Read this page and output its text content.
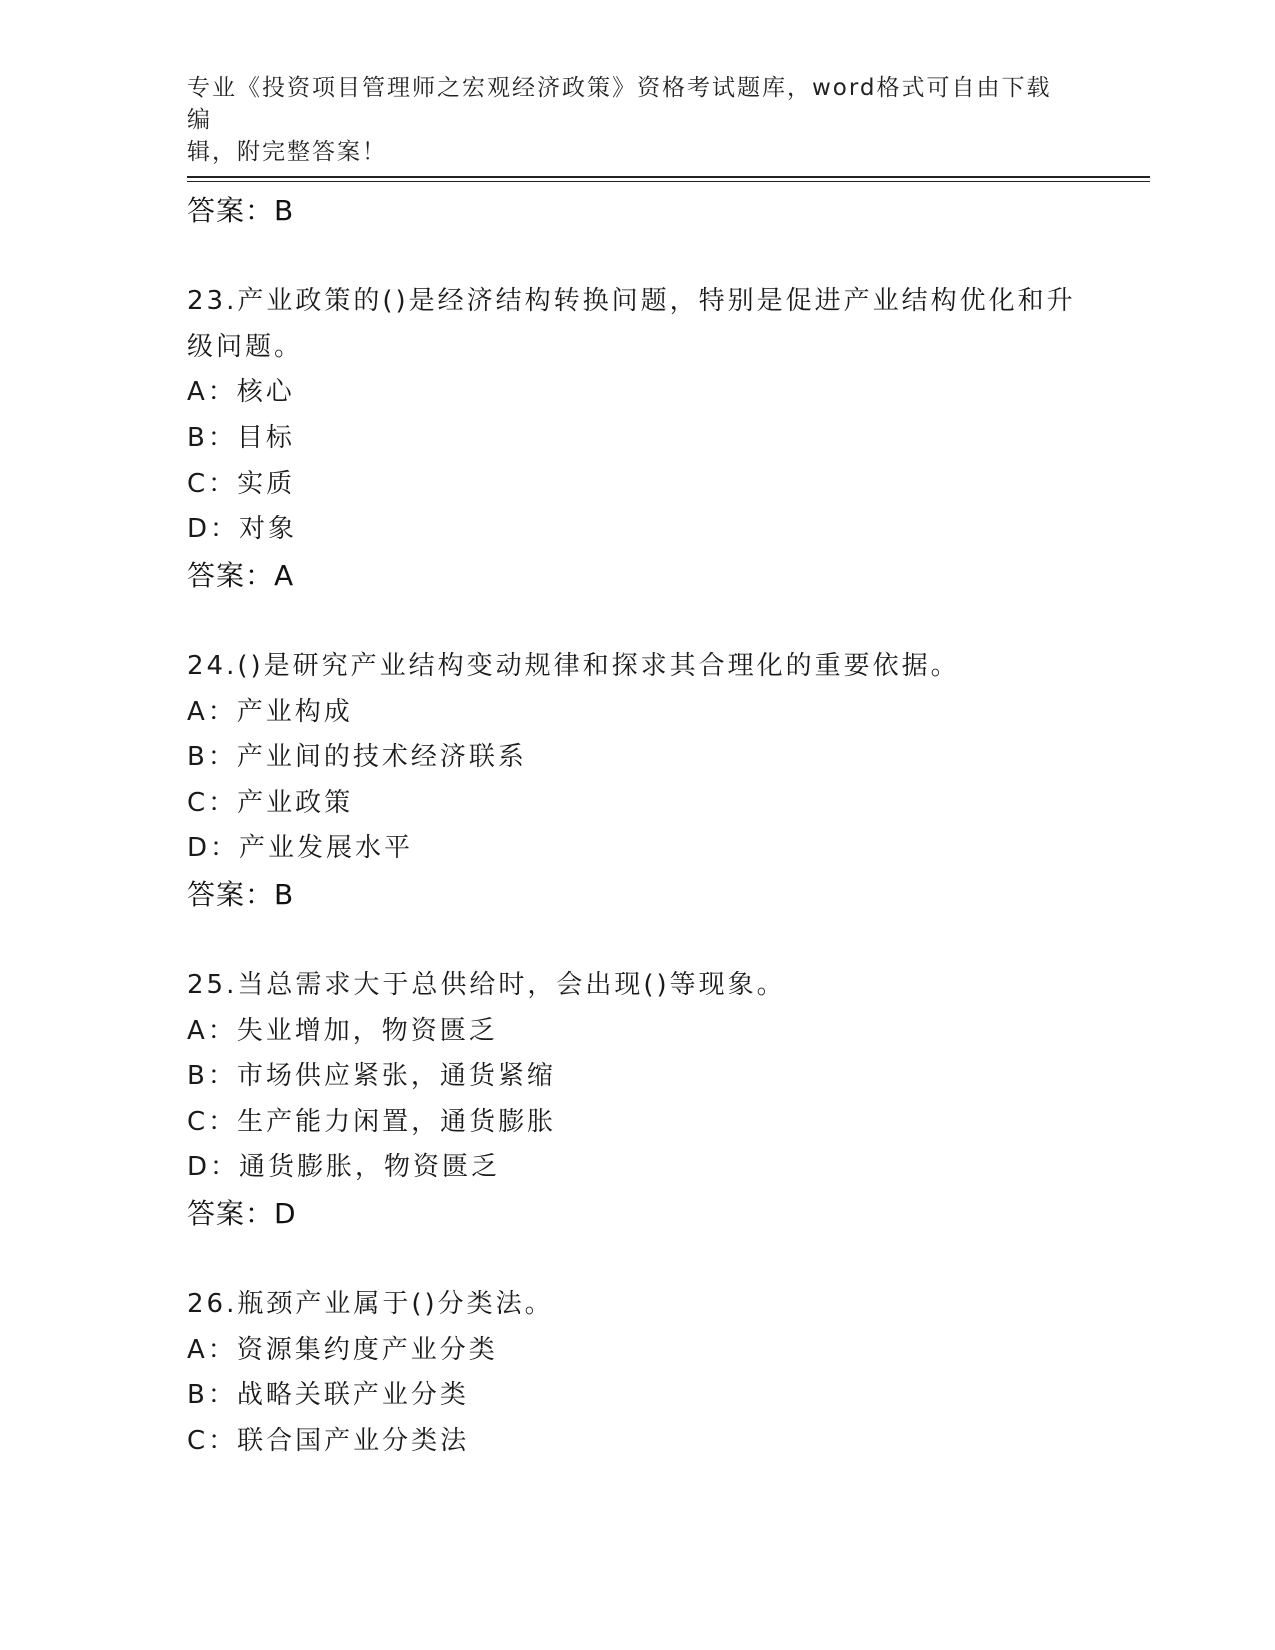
专业《投资项目管理师之宏观经济政策》资格考试题库，word格式可自由下载编
辑，附完整答案！
答案：B
23.产业政策的()是经济结构转换问题，特别是促进产业结构优化和升
级问题。
A：核心
B：目标
C：实质
D：对象
答案：A
24.()是研究产业结构变动规律和探求其合理化的重要依据。
A：产业构成
B：产业间的技术经济联系
C：产业政策
D：产业发展水平
答案：B
25.当总需求大于总供给时，会出现()等现象。
A：失业增加，物资匮乏
B：市场供应紧张，通货紧缩
C：生产能力闲置，通货膨胀
D：通货膨胀，物资匮乏
答案：D
26.瓶颈产业属于()分类法。
A：资源集约度产业分类
B：战略关联产业分类
C：联合国产业分类法
